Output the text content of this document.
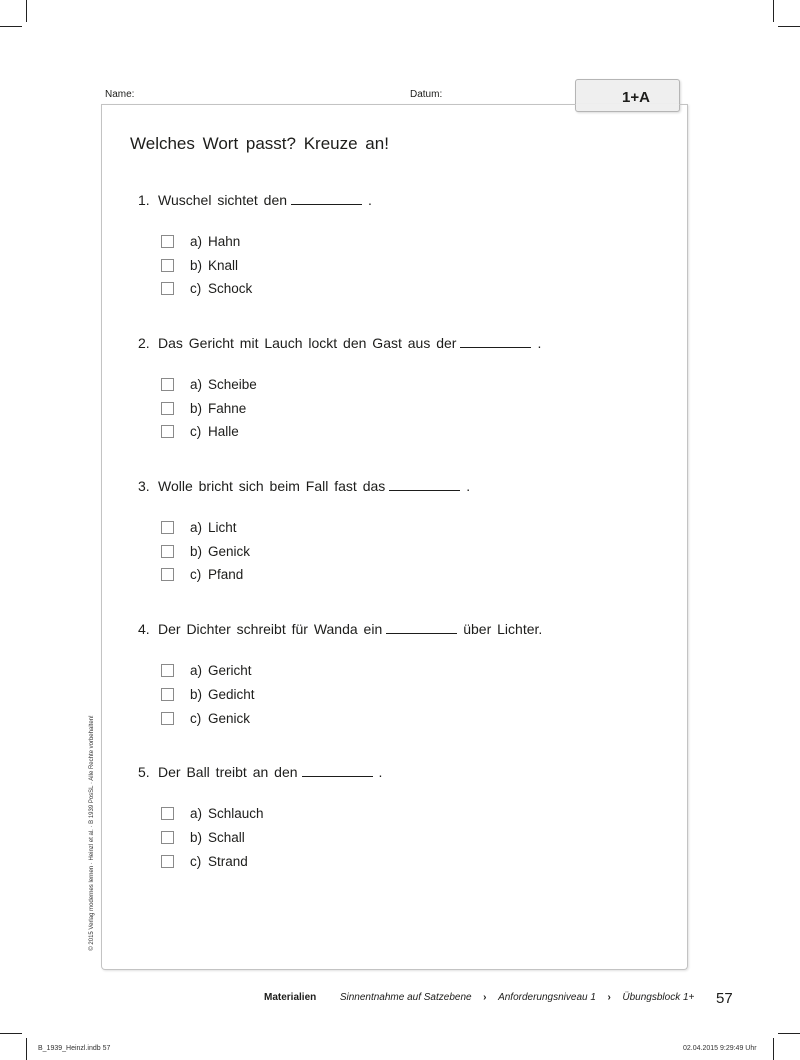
Name:	Datum:	1+A
Welches Wort passt? Kreuze an!
1. Wuschel sichtet den	.
a) Hahn
b) Knall
c) Schock
2. Das Gericht mit Lauch lockt den Gast aus der	.
a) Scheibe
b) Fahne
c) Halle
3. Wolle bricht sich beim Fall fast das	.
a) Licht
b) Genick
c) Pfand
4. Der Dichter schreibt für Wanda ein	über Lichter.
a) Gericht
b) Gedicht
c) Genick
5. Der Ball treibt an den	.
a) Schlauch
b) Schall
c) Strand
© 2015 Verlag modernes lernen · Heinzl et al. · B 1939 PosSL · Alle Rechte vorbehalten!
Materialien Sinnentnahme auf Satzebene › Anforderungsniveau 1 › Übungsblock 1+ 57
B_1939_Heinzl.indb 57	02.04.2015 9:29:49 Uhr
